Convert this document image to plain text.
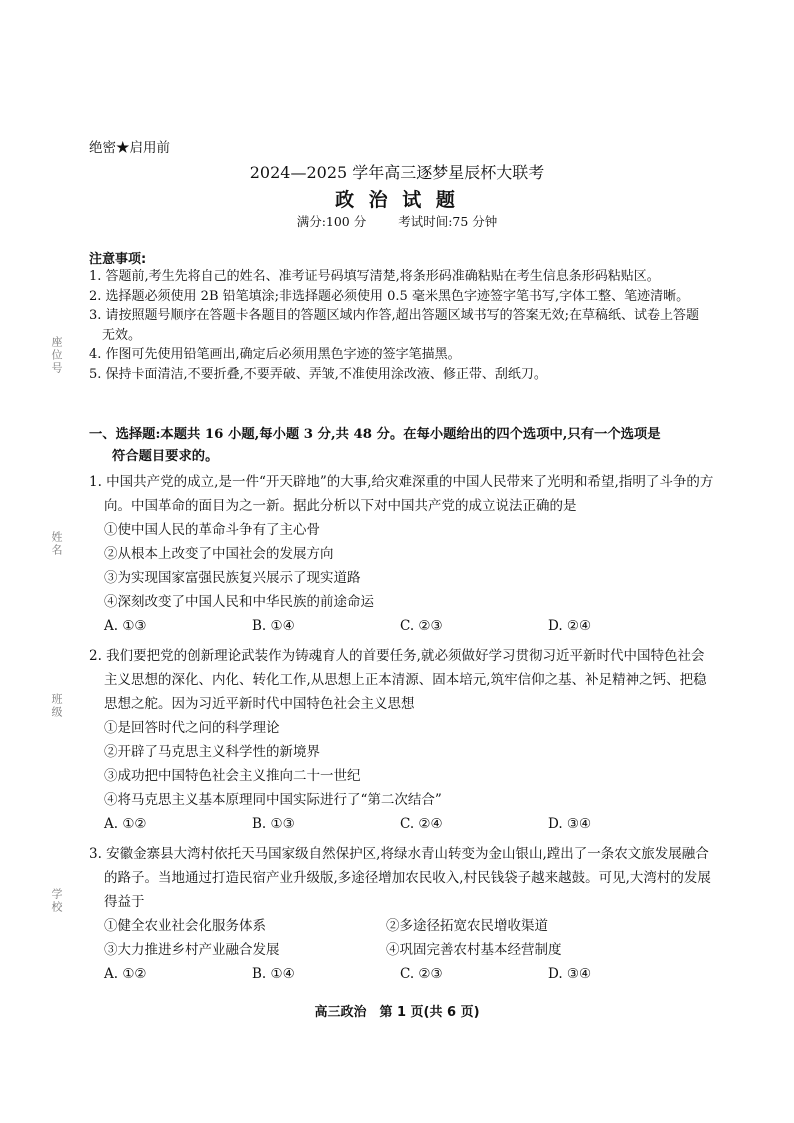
绝密★启用前
2024—2025 学年高三逐梦星辰杯大联考
政 治 试 题
满分:100 分	考试时间:75 分钟
座位号
姓名
班级
学校
注意事项:
1. 答题前,考生先将自己的姓名、准考证号码填写清楚,将条形码准确粘贴在考生信息条形码粘贴区。
2. 选择题必须使用 2B 铅笔填涂;非选择题必须使用 0.5 毫米黑色字迹签字笔书写,字体工整、笔迹清晰。
3. 请按照题号顺序在答题卡各题目的答题区域内作答,超出答题区域书写的答案无效;在草稿纸、试卷上答题无效。
4. 作图可先使用铅笔画出,确定后必须用黑色字迹的签字笔描黑。
5. 保持卡面清洁,不要折叠,不要弄破、弄皱,不准使用涂改液、修正带、刮纸刀。
一、选择题:本题共 16 小题,每小题 3 分,共 48 分。在每小题给出的四个选项中,只有一个选项是
符合题目要求的。
1. 中国共产党的成立,是一件“开天辟地”的大事,给灾难深重的中国人民带来了光明和希望,指明了斗争的方向。中国革命的面目为之一新。据此分析以下对中国共产党的成立说法正确的是
①使中国人民的革命斗争有了主心骨
②从根本上改变了中国社会的发展方向
③为实现国家富强民族复兴展示了现实道路
④深刻改变了中国人民和中华民族的前途命运
A. ①③	B. ①④	C. ②③	D. ②④
2. 我们要把党的创新理论武装作为铸魂育人的首要任务,就必须做好学习贯彻习近平新时代中国特色社会主义思想的深化、内化、转化工作,从思想上正本清源、固本培元,筑牢信仰之基、补足精神之钙、把稳思想之舵。因为习近平新时代中国特色社会主义思想
①是回答时代之问的科学理论
②开辟了马克思主义科学性的新境界
③成功把中国特色社会主义推向二十一世纪
④将马克思主义基本原理同中国实际进行了“第二次结合”
A. ①②	B. ①③	C. ②④	D. ③④
3. 安徽金寨县大湾村依托天马国家级自然保护区,将绿水青山转变为金山银山,蹚出了一条农文旅发展融合的路子。当地通过打造民宿产业升级版,多途径增加农民收入,村民钱袋子越来越鼓。可见,大湾村的发展得益于
①健全农业社会化服务体系	②多途径拓宽农民增收渠道
③大力推进乡村产业融合发展	④巩固完善农村基本经营制度
A. ①②	B. ①④	C. ②③	D. ③④
高三政治　第 1 页(共 6 页)
